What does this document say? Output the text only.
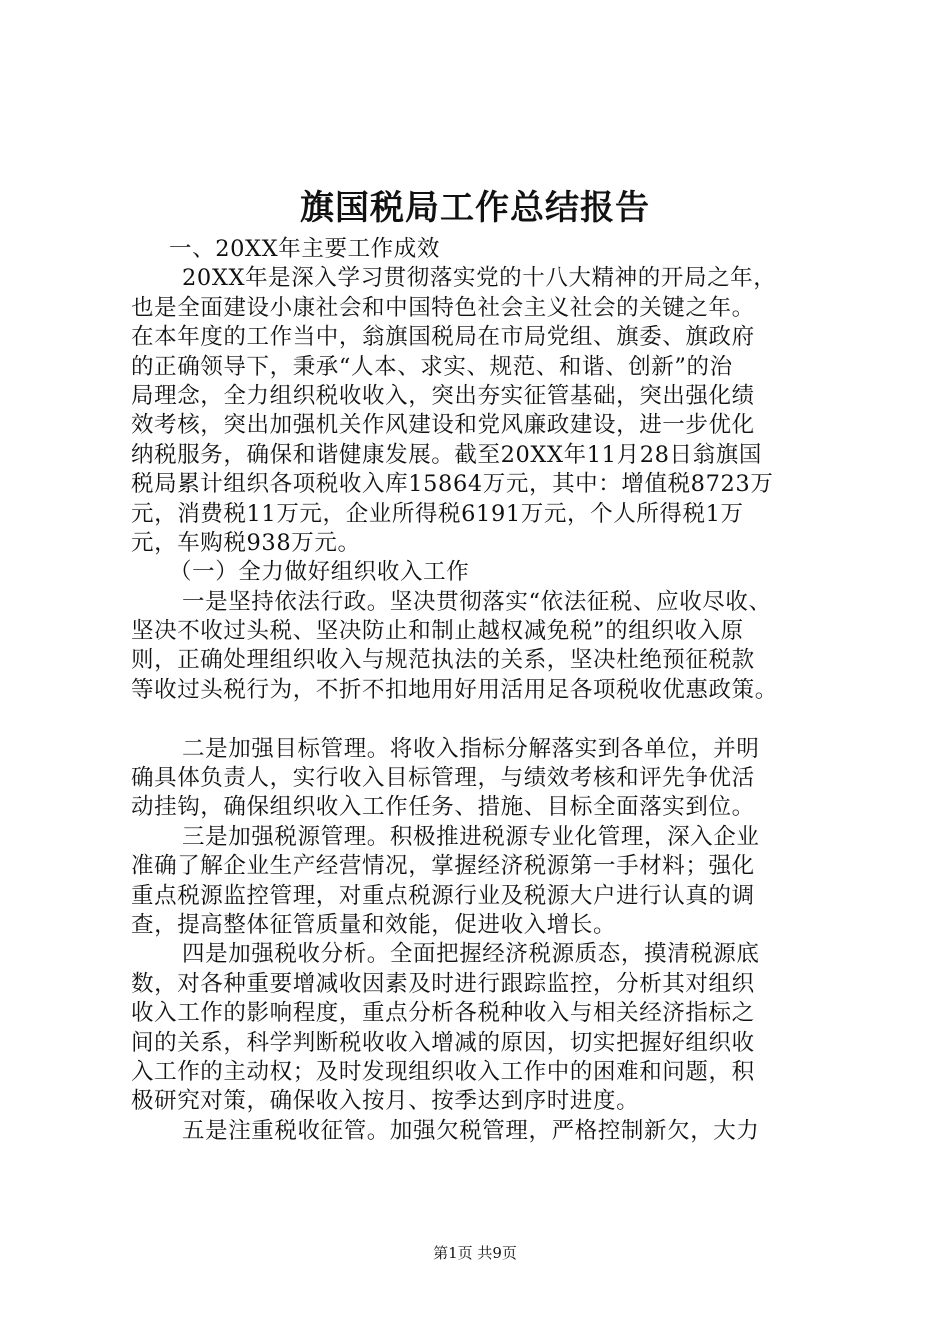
旗国税局工作总结报告
一、20XX年主要工作成效
20XX年是深入学习贯彻落实党的十八大精神的开局之年，
也是全面建设小康社会和中国特色社会主义社会的关键之年。
在本年度的工作当中，翁旗国税局在市局党组、旗委、旗政府
的正确领导下，秉承“人本、求实、规范、和谐、创新”的治
局理念，全力组织税收收入，突出夯实征管基础，突出强化绩
效考核，突出加强机关作风建设和党风廉政建设，进一步优化
纳税服务，确保和谐健康发展。截至20XX年11月28日翁旗国
税局累计组织各项税收入库15864万元，其中：增值税8723万
元，消费税11万元，企业所得税6191万元，个人所得税1万
元，车购税938万元。
（一）全力做好组织收入工作
一是坚持依法行政。坚决贯彻落实“依法征税、应收尽收、
坚决不收过头税、坚决防止和制止越权减免税”的组织收入原
则，正确处理组织收入与规范执法的关系，坚决杜绝预征税款
等收过头税行为，不折不扣地用好用活用足各项税收优惠政策。
二是加强目标管理。将收入指标分解落实到各单位，并明
确具体负责人，实行收入目标管理，与绩效考核和评先争优活
动挂钩，确保组织收入工作任务、措施、目标全面落实到位。
三是加强税源管理。积极推进税源专业化管理，深入企业
准确了解企业生产经营情况，掌握经济税源第一手材料；强化
重点税源监控管理，对重点税源行业及税源大户进行认真的调
查，提高整体征管质量和效能，促进收入增长。
四是加强税收分析。全面把握经济税源质态，摸清税源底
数，对各种重要增减收因素及时进行跟踪监控，分析其对组织
收入工作的影响程度，重点分析各税种收入与相关经济指标之
间的关系，科学判断税收收入增减的原因，切实把握好组织收
入工作的主动权；及时发现组织收入工作中的困难和问题，积
极研究对策，确保收入按月、按季达到序时进度。
五是注重税收征管。加强欠税管理，严格控制新欠，大力
第1页 共9页
